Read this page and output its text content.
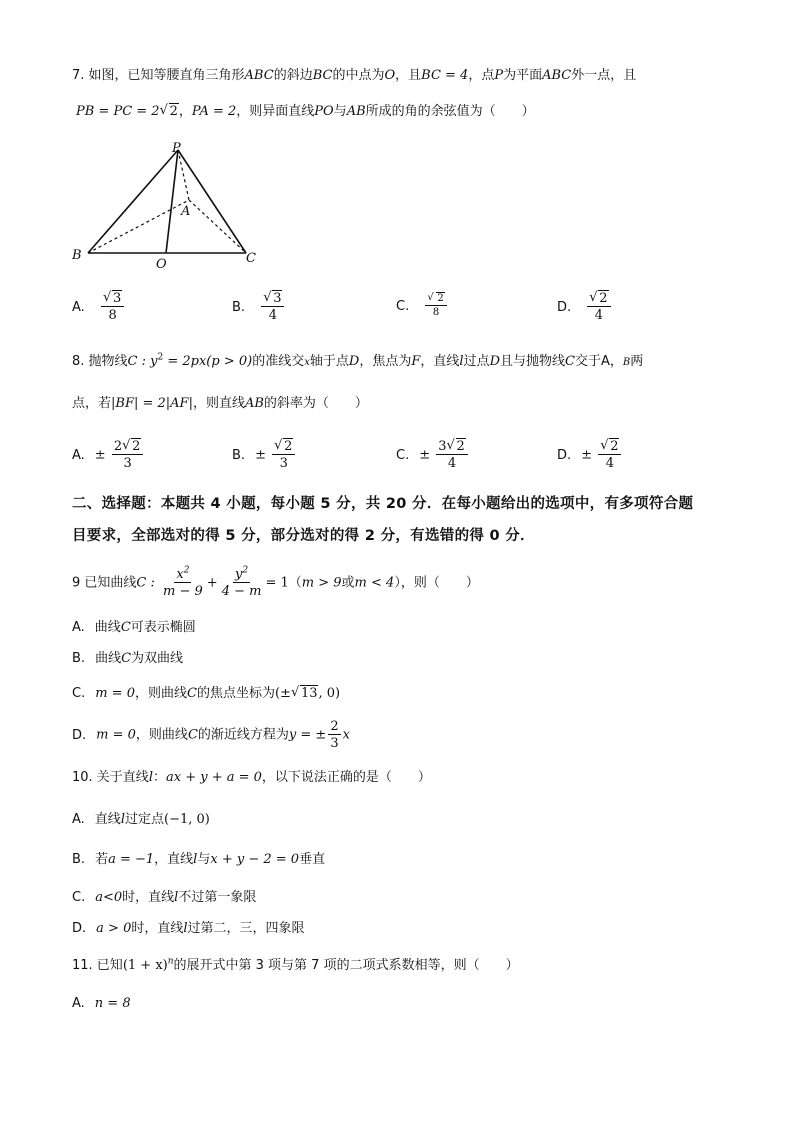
7. 如图，已知等腰直角三角形ABC的斜边BC的中点为O，且BC = 4，点P为平面ABC外一点，且
PB = PC = 2 √ 2，PA = 2，则异面直线PO与AB所成的角的余弦值为（　　）
P
A
B
O	C
A. √ $\frac{3}{8}$	B. √ $\frac{3}{4}$	C. √ $\frac{2}{8}$	D. √ $\frac{2}{4}$
8. 抛物线C : $y^2 = 2px(p > 0)$的准线交x轴于点D，焦点为F，直线l过点D且与抛物线C交于A，B两
点，若|BF| = 2|AF|，则直线AB的斜率为（　　）
A. ± $\frac{2 √ 2}{3}$	B. ± √ $\frac{2}{3}$	C. ± $\frac{3 √ 2}{4}$	D. ± √ $\frac{2}{4}$
二、选择题：本题共 4 小题，每小题 5 分，共 20 分．在每小题给出的选项中，有多项符合题
目要求，全部选对的得 5 分，部分选对的得 2 分，有选错的得 0 分．
9 已知曲线C : $\frac{x^2}{m - 9} + \frac{y^2}{4 - m} = 1(m > 9$或m < 4），则（　　）
A. 曲线C可表示椭圆
B. 曲线C为双曲线
C. m = 0，则曲线C的焦点坐标为(± √ 13, 0)
D. m = 0，则曲线C的渐近线方程为y = ± $\frac{2}{3}$ x
10. 关于直线l：ax + y + a = 0，以下说法正确的是（　　）
A. 直线l过定点(−1, 0)
B. 若a = −1，直线l与x + y − 2 = 0垂直
C. a<0时，直线l不过第一象限
D. a > 0时，直线l过第二，三，四象限
11. 已知$(1 + x)^n$的展开式中第 3 项与第 7 项的二项式系数相等，则（　　）
A. n = 8
